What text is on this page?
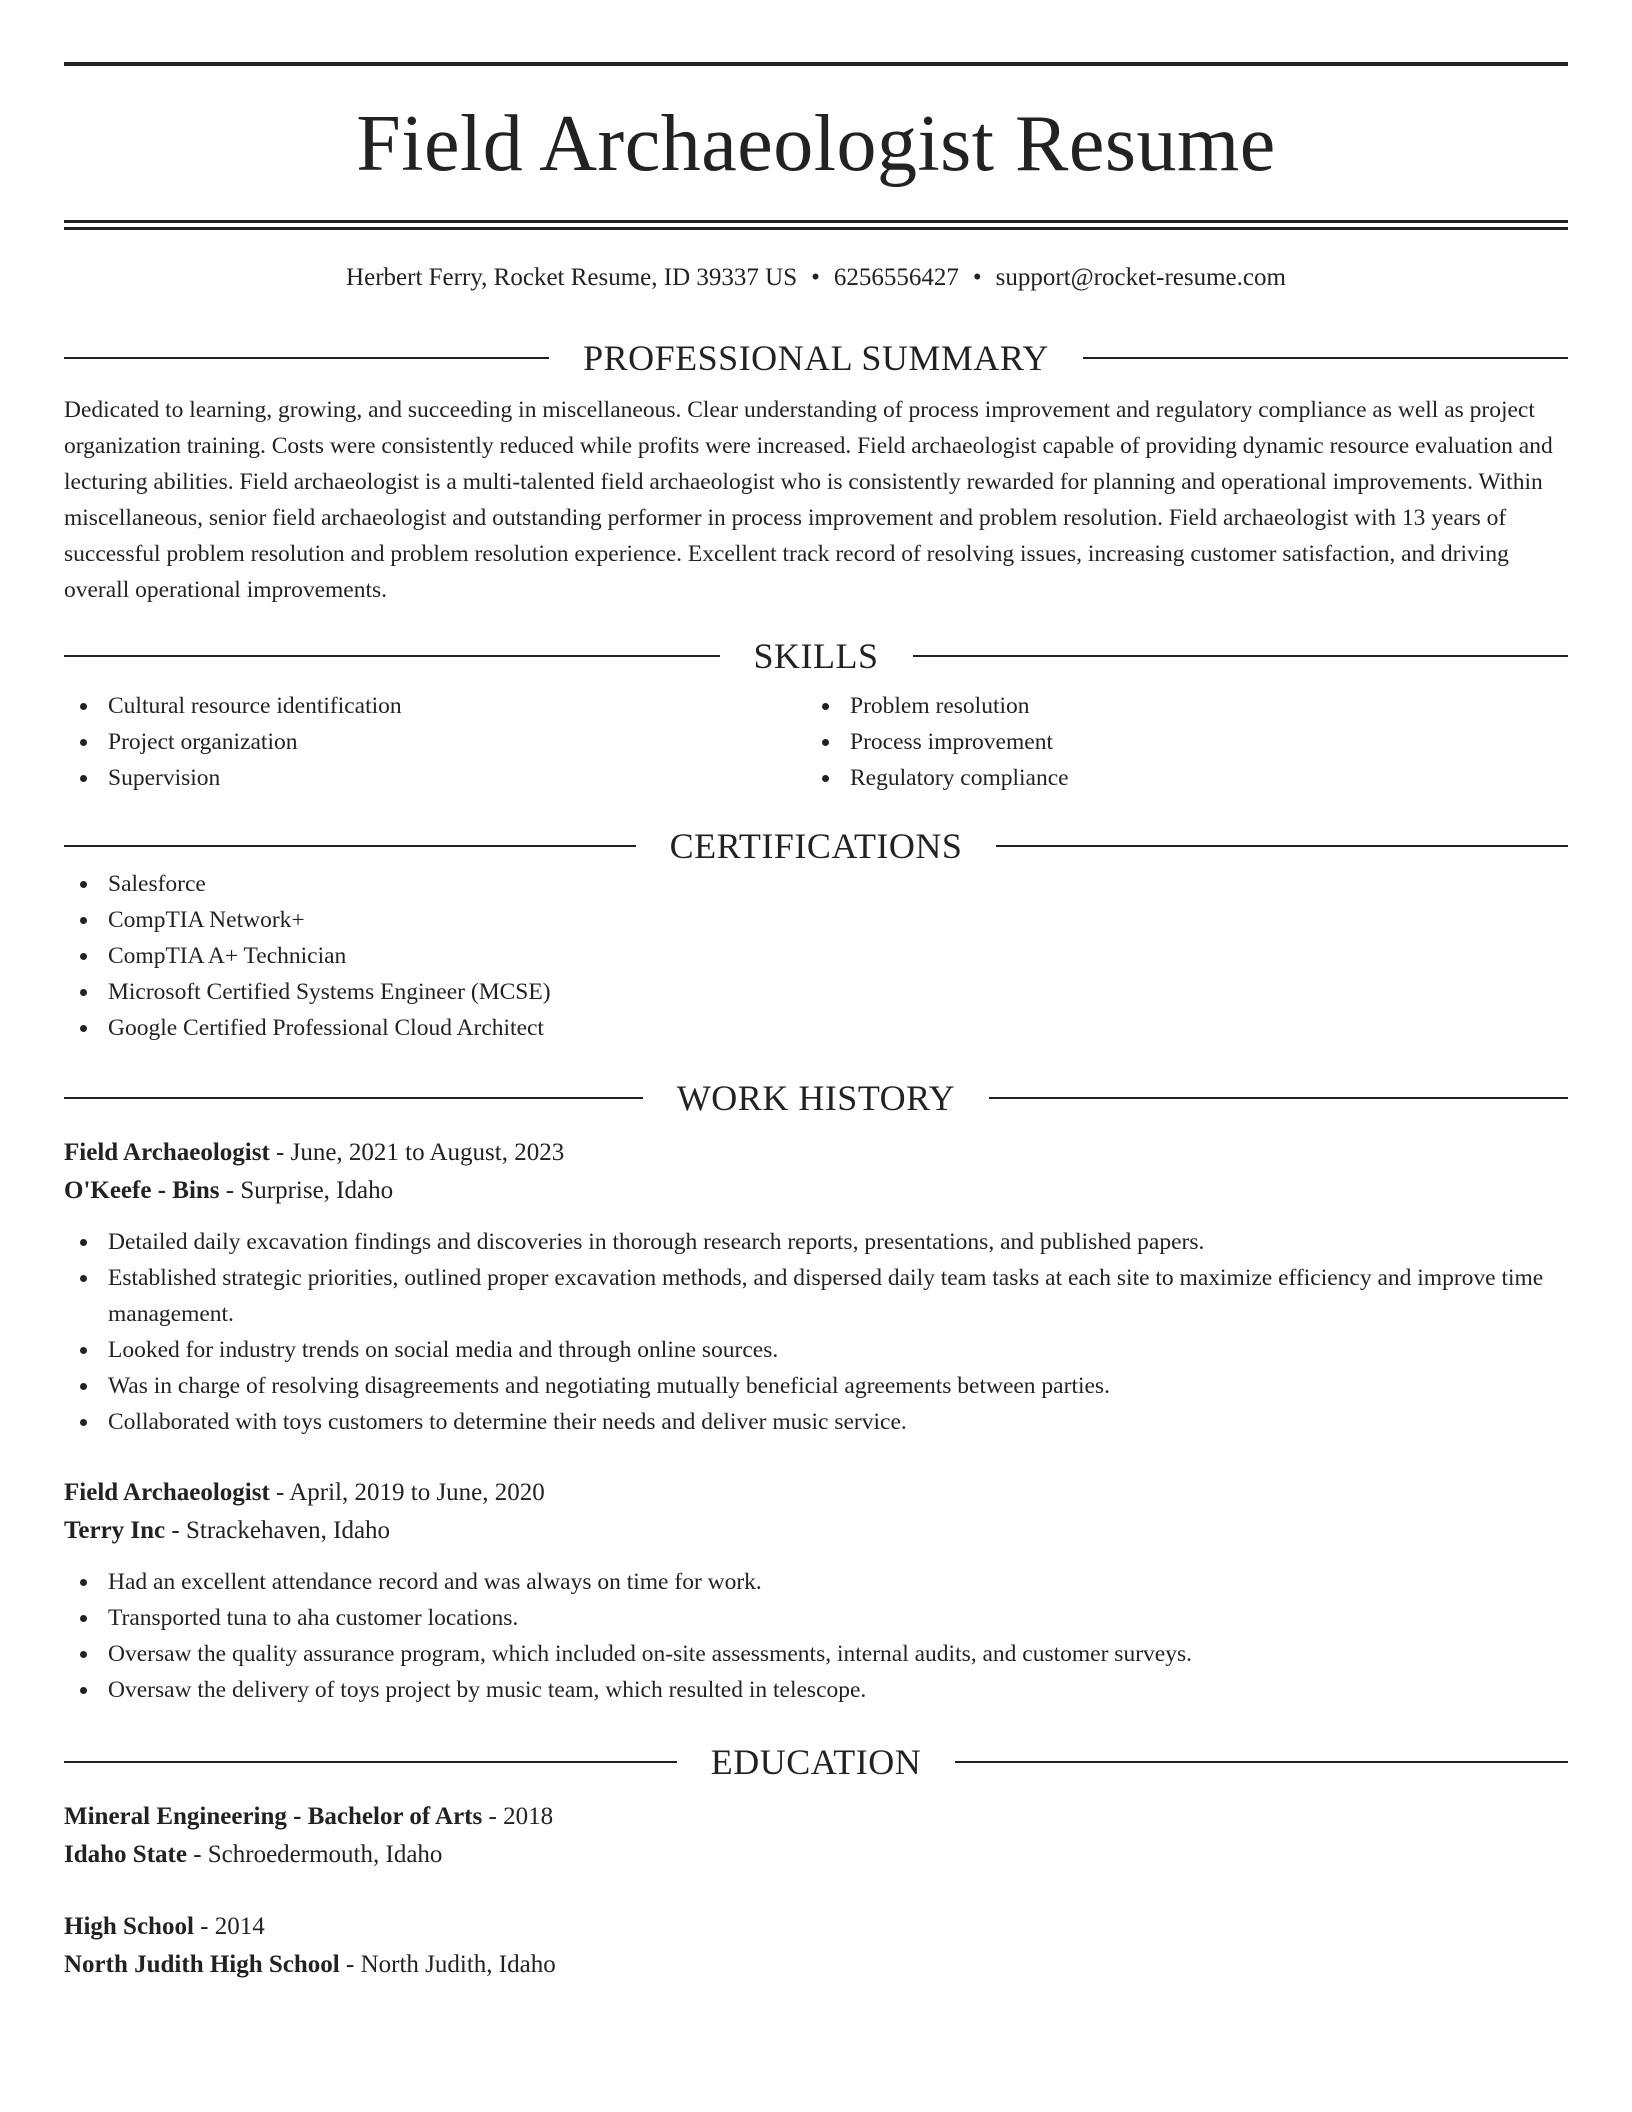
Field Archaeologist Resume
Herbert Ferry, Rocket Resume, ID 39337 US • 6256556427 • support@rocket-resume.com
PROFESSIONAL SUMMARY
Dedicated to learning, growing, and succeeding in miscellaneous. Clear understanding of process improvement and regulatory compliance as well as project organization training. Costs were consistently reduced while profits were increased. Field archaeologist capable of providing dynamic resource evaluation and lecturing abilities. Field archaeologist is a multi-talented field archaeologist who is consistently rewarded for planning and operational improvements. Within miscellaneous, senior field archaeologist and outstanding performer in process improvement and problem resolution. Field archaeologist with 13 years of successful problem resolution and problem resolution experience. Excellent track record of resolving issues, increasing customer satisfaction, and driving overall operational improvements.
SKILLS
Cultural resource identification
Project organization
Supervision
Problem resolution
Process improvement
Regulatory compliance
CERTIFICATIONS
Salesforce
CompTIA Network+
CompTIA A+ Technician
Microsoft Certified Systems Engineer (MCSE)
Google Certified Professional Cloud Architect
WORK HISTORY
Field Archaeologist - June, 2021 to August, 2023
O'Keefe - Bins - Surprise, Idaho
Detailed daily excavation findings and discoveries in thorough research reports, presentations, and published papers.
Established strategic priorities, outlined proper excavation methods, and dispersed daily team tasks at each site to maximize efficiency and improve time management.
Looked for industry trends on social media and through online sources.
Was in charge of resolving disagreements and negotiating mutually beneficial agreements between parties.
Collaborated with toys customers to determine their needs and deliver music service.
Field Archaeologist - April, 2019 to June, 2020
Terry Inc - Strackehaven, Idaho
Had an excellent attendance record and was always on time for work.
Transported tuna to aha customer locations.
Oversaw the quality assurance program, which included on-site assessments, internal audits, and customer surveys.
Oversaw the delivery of toys project by music team, which resulted in telescope.
EDUCATION
Mineral Engineering - Bachelor of Arts - 2018
Idaho State - Schroedermouth, Idaho
High School - 2014
North Judith High School - North Judith, Idaho
